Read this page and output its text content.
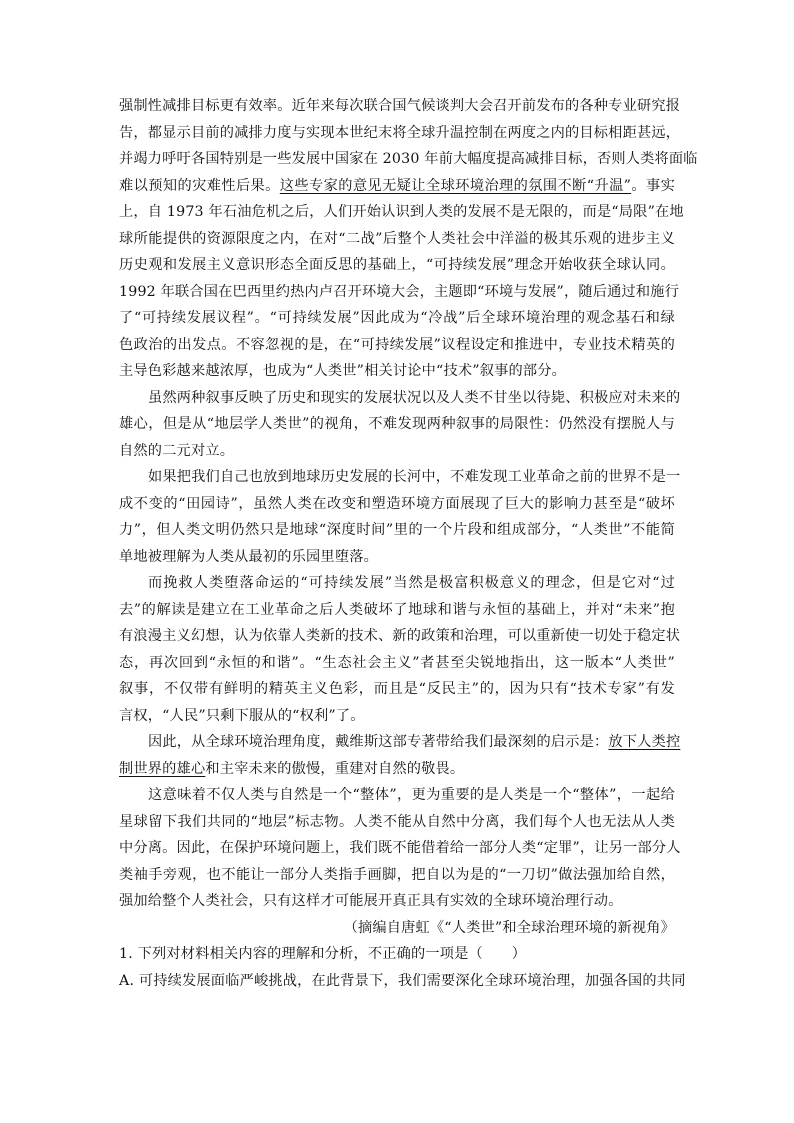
强制性减排目标更有效率。近年来每次联合国气候谈判大会召开前发布的各种专业研究报
告，都显示目前的减排力度与实现本世纪末将全球升温控制在两度之内的目标相距甚远，
并竭力呼吁各国特别是一些发展中国家在 2030 年前大幅度提高减排目标，否则人类将面临
难以预知的灾难性后果。这些专家的意见无疑让全球环境治理的氛围不断“升温”。事实
上，自 1973 年石油危机之后，人们开始认识到人类的发展不是无限的，而是“局限”在地
球所能提供的资源限度之内，在对“二战”后整个人类社会中洋溢的极其乐观的进步主义
历史观和发展主义意识形态全面反思的基础上，“可持续发展”理念开始收获全球认同。
1992 年联合国在巴西里约热内卢召开环境大会，主题即“环境与发展”，随后通过和施行
了“可持续发展议程”。“可持续发展”因此成为“冷战”后全球环境治理的观念基石和绿
色政治的出发点。不容忽视的是，在“可持续发展”议程设定和推进中，专业技术精英的
主导色彩越来越浓厚，也成为“人类世”相关讨论中“技术”叙事的部分。
虽然两种叙事反映了历史和现实的发展状况以及人类不甘坐以待毙、积极应对未来的
雄心，但是从“地层学人类世”的视角，不难发现两种叙事的局限性：仍然没有摆脱人与
自然的二元对立。
如果把我们自己也放到地球历史发展的长河中，不难发现工业革命之前的世界不是一
成不变的“田园诗”，虽然人类在改变和塑造环境方面展现了巨大的影响力甚至是“破坏
力”，但人类文明仍然只是地球“深度时间”里的一个片段和组成部分，“人类世”不能简
单地被理解为人类从最初的乐园里堕落。
而挽救人类堕落命运的“可持续发展”当然是极富积极意义的理念，但是它对“过
去”的解读是建立在工业革命之后人类破坏了地球和谐与永恒的基础上，并对“未来”抱
有浪漫主义幻想，认为依靠人类新的技术、新的政策和治理，可以重新使一切处于稳定状
态，再次回到“永恒的和谐”。“生态社会主义”者甚至尖锐地指出，这一版本“人类世”
叙事，不仅带有鲜明的精英主义色彩，而且是“反民主”的，因为只有“技术专家”有发
言权，“人民”只剩下服从的“权利”了。
因此，从全球环境治理角度，戴维斯这部专著带给我们最深刻的启示是：放下人类控
制世界的雄心和主宰未来的傲慢，重建对自然的敬畏。
这意味着不仅人类与自然是一个“整体”，更为重要的是人类是一个“整体”，一起给
星球留下我们共同的“地层”标志物。人类不能从自然中分离，我们每个人也无法从人类
中分离。因此，在保护环境问题上，我们既不能借着给一部分人类“定罪”，让另一部分人
类袖手旁观，也不能让一部分人类指手画脚，把自以为是的“一刀切”做法强加给自然，
强加给整个人类社会，只有这样才可能展开真正具有实效的全球环境治理行动。
（摘编自唐虹《“人类世”和全球治理环境的新视角》
1. 下列对材料相关内容的理解和分析，不正确的一项是（　　）
A. 可持续发展面临严峻挑战，在此背景下，我们需要深化全球环境治理，加强各国的共同
